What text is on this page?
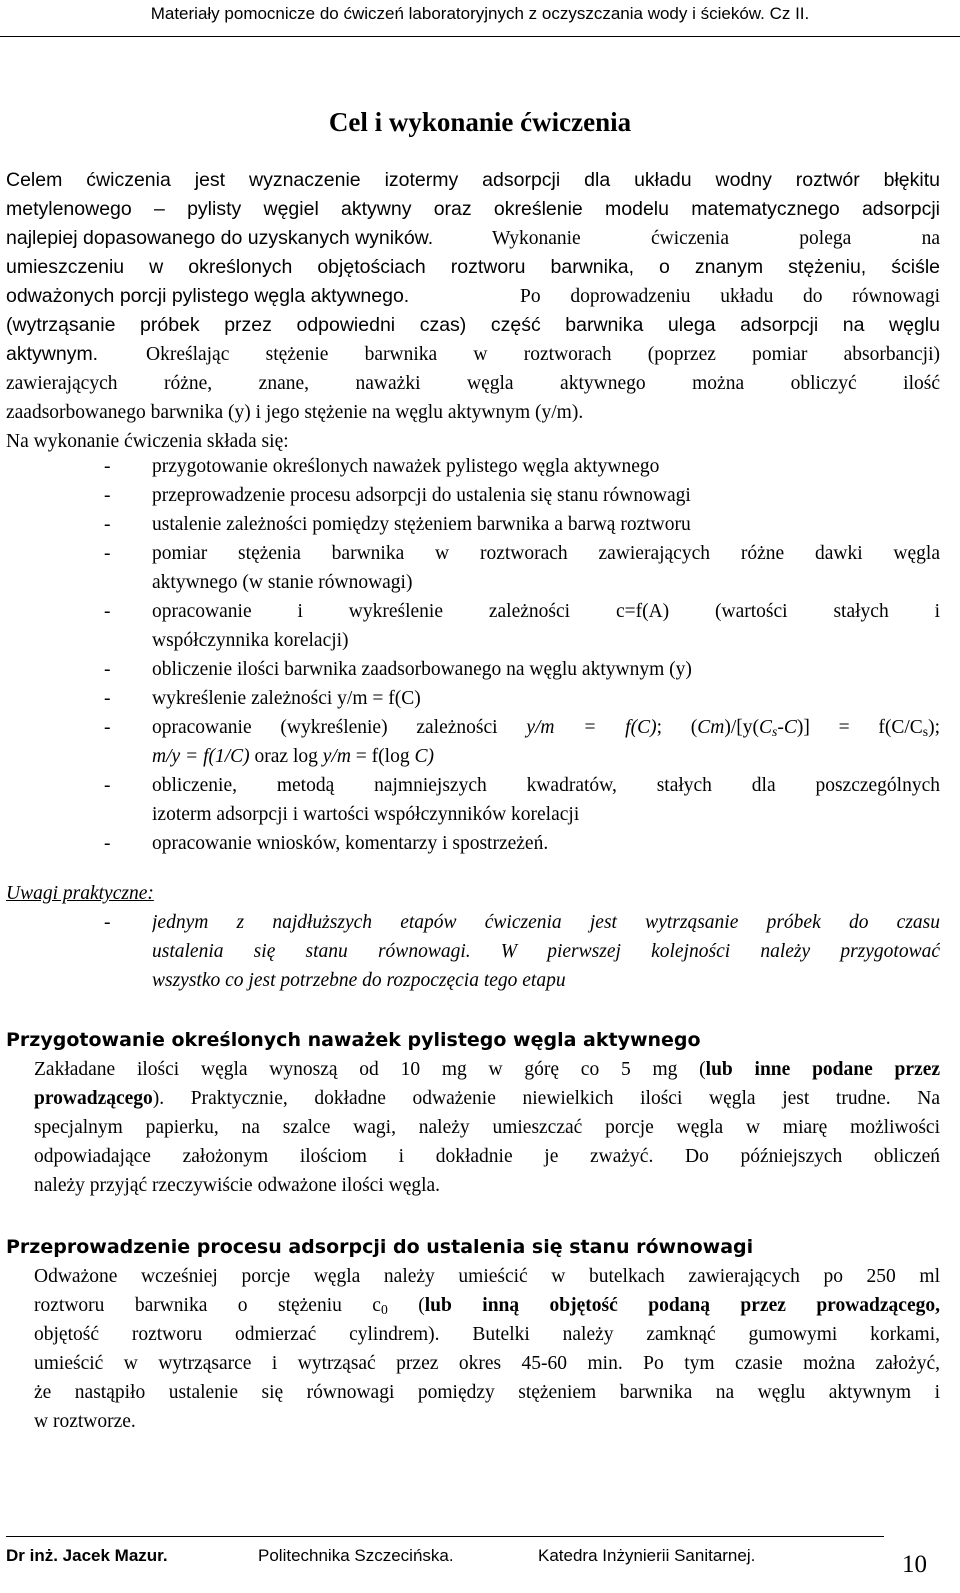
Materiały pomocnicze do ćwiczeń laboratoryjnych z oczyszczania wody i ścieków. Cz II.
Cel i wykonanie ćwiczenia
Celem ćwiczenia jest wyznaczenie izotermy adsorpcji dla układu wodny roztwór błękitu
metylenowego – pylisty węgiel aktywny oraz określenie modelu matematycznego adsorpcji
najlepiej dopasowanego do uzyskanych wyników.	Wykonanie ćwiczenia polega na
umieszczeniu w określonych objętościach roztworu barwnika, o znanym stężeniu, ściśle
odważonych porcji pylistego węgla aktywnego.	Po doprowadzeniu układu do równowagi
(wytrząsanie próbek przez odpowiedni czas) część barwnika ulega adsorpcji na węglu
aktywnym. Określając stężenie barwnika w roztworach (poprzez pomiar absorbancji)
zawierających różne, znane, naważki węgla aktywnego można obliczyć ilość
zaadsorbowanego barwnika (y) i jego stężenie na węglu aktywnym (y/m).
Na wykonanie ćwiczenia składa się:
- przygotowanie określonych naważek pylistego węgla aktywnego
- przeprowadzenie procesu adsorpcji do ustalenia się stanu równowagi
- ustalenie zależności pomiędzy stężeniem barwnika a barwą roztworu
- pomiar stężenia barwnika w roztworach zawierających różne dawki węgla
aktywnego (w stanie równowagi)
- opracowanie i wykreślenie zależności c=f(A) (wartości stałych i
współczynnika korelacji)
- obliczenie ilości barwnika zaadsorbowanego na węglu aktywnym (y)
- wykreślenie zależności y/m = f(C)
- opracowanie (wykreślenie) zależności y/m = f(C); $(Cm)/[y(C_s-C)] = f(C/C_s)$;
m/y = f(1/C) oraz log y/m = f(log C)
- obliczenie, metodą najmniejszych kwadratów, stałych dla poszczególnych
izoterm adsorpcji i wartości współczynników korelacji
- opracowanie wniosków, komentarzy i spostrzeżeń.
Uwagi praktyczne:
- jednym z najdłuższych etapów ćwiczenia jest wytrząsanie próbek do czasu
ustalenia się stanu równowagi. W pierwszej kolejności należy przygotować
wszystko co jest potrzebne do rozpoczęcia tego etapu
Przygotowanie określonych naważek pylistego węgla aktywnego
Zakładane ilości węgla wynoszą od 10 mg w górę co 5 mg (lub inne podane przez
prowadzącego). Praktycznie, dokładne odważenie niewielkich ilości węgla jest trudne. Na
specjalnym papierku, na szalce wagi, należy umieszczać porcje węgla w miarę możliwości
odpowiadające założonym ilościom i dokładnie je zważyć. Do późniejszych obliczeń
należy przyjąć rzeczywiście odważone ilości węgla.
Przeprowadzenie procesu adsorpcji do ustalenia się stanu równowagi
Odważone wcześniej porcje węgla należy umieścić w butelkach zawierających po 250 ml
roztworu barwnika o stężeniu $c_0$ (lub inną objętość podaną przez prowadzącego,
objętość roztworu odmierzać cylindrem). Butelki należy zamknąć gumowymi korkami,
umieścić w wytrząsarce i wytrząsać przez okres 45-60 min. Po tym czasie można założyć,
że nastąpiło ustalenie się równowagi pomiędzy stężeniem barwnika na węglu aktywnym i
w roztworze.
Dr inż. Jacek Mazur.	Politechnika Szczecińska.	Katedra Inżynierii Sanitarnej.	10
